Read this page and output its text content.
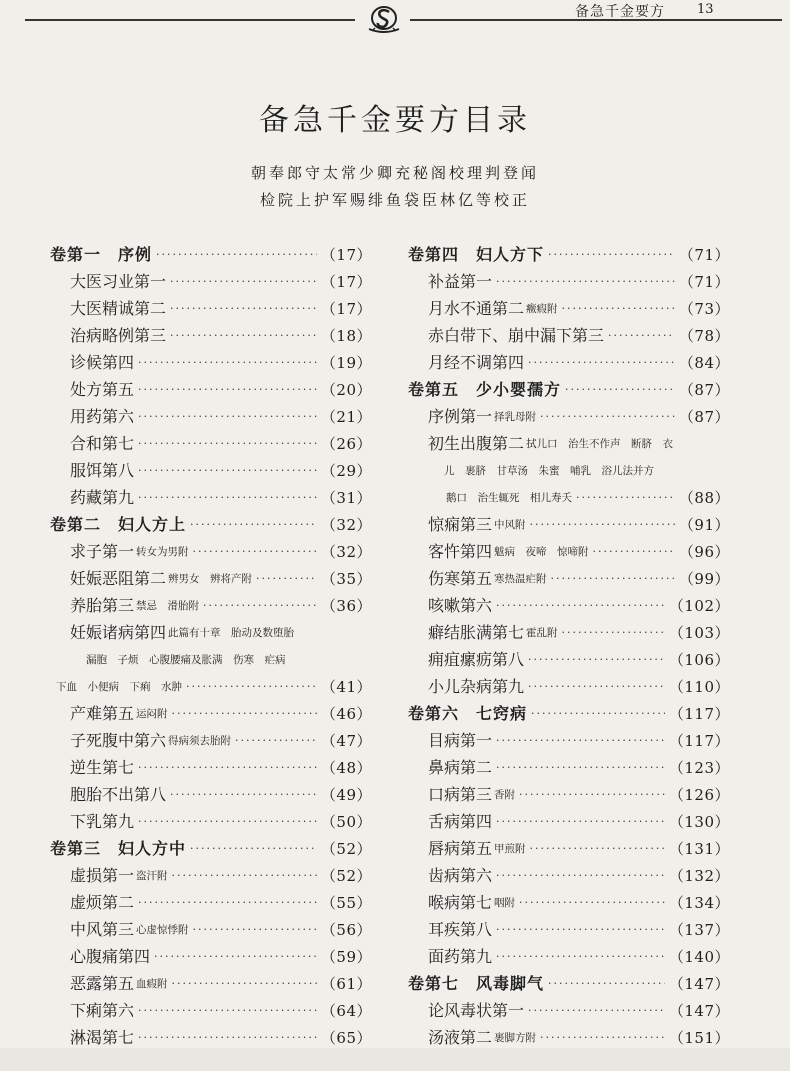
备急千金要方 13
备急千金要方目录
朝奉郎守太常少卿充秘阁校理判登闻
检院上护军赐绯鱼袋臣林亿等校正
卷第一　序例 ·····	（17）
大医习业第一 ·····	（17）
大医精诚第二 ·····	（17）
治病略例第三 ·····	（18）
诊候第四 ·····	（19）
处方第五 ·····	（20）
用药第六 ·····	（21）
合和第七 ·····	（26）
服饵第八 ·····	（29）
药藏第九 ·····	（31）
卷第二　妇人方上 ·····	（32）
求子第一 转女为男附 ·····	（32）
妊娠恶阻第二 辨男女　辨将产附 ·····	（35）
养胎第三 禁忌　滑胎附 ·····	（36）
妊娠诸病第四 此篇有十章　胎动及数堕胎
漏胞　子烦　心腹腰痛及胀满　伤寒　疟病
下血　小便病　下痢　水肿 ·····	（41）
产难第五 运闷附 ·····	（46）
子死腹中第六 得病须去胎附 ·····	（47）
逆生第七 ·····	（48）
胞胎不出第八 ·····	（49）
下乳第九 ·····	（50）
卷第三　妇人方中 ·····	（52）
虚损第一 盗汗附 ·····	（52）
虚烦第二 ·····	（55）
中风第三 心虚惊悸附 ·····	（56）
心腹痛第四 ·····	（59）
恶露第五 血瘕附 ·····	（61）
下痢第六 ·····	（64）
淋渴第七 ·····	（65）
卷第四　妇人方下 ·····	（71）
补益第一 ·····	（71）
月水不通第二 癥瘕附 ·····	（73）
赤白带下、崩中漏下第三 ·····	（78）
月经不调第四 ·····	（84）
卷第五　少小婴孺方 ·····	（87）
序例第一 择乳母附 ·····	（87）
初生出腹第二 拭儿口　治生不作声　断脐　衣
儿　裹脐　甘草汤　朱蜜　哺乳　浴儿法并方
鹅口　治生辄死　相儿寿夭 ·····	（88）
惊痫第三 中风附 ·····	（91）
客忤第四 魃病　夜啼　惊啼附 ·····	（96）
伤寒第五 寒热温疟附 ·····	（99）
咳嗽第六 ·····	（102）
癖结胀满第七 霍乱附 ·····	（103）
痈疽瘰疬第八 ·····	（106）
小儿杂病第九 ·····	（110）
卷第六　七窍病 ·····	（117）
目病第一 ·····	（117）
鼻病第二 ·····	（123）
口病第三 香附 ·····	（126）
舌病第四 ·····	（130）
唇病第五 甲煎附 ·····	（131）
齿病第六 ·····	（132）
喉病第七 咽附 ·····	（134）
耳疾第八 ·····	（137）
面药第九 ·····	（140）
卷第七　风毒脚气 ·····	（147）
论风毒状第一 ·····	（147）
汤液第二 裹脚方附 ·····	（151）
